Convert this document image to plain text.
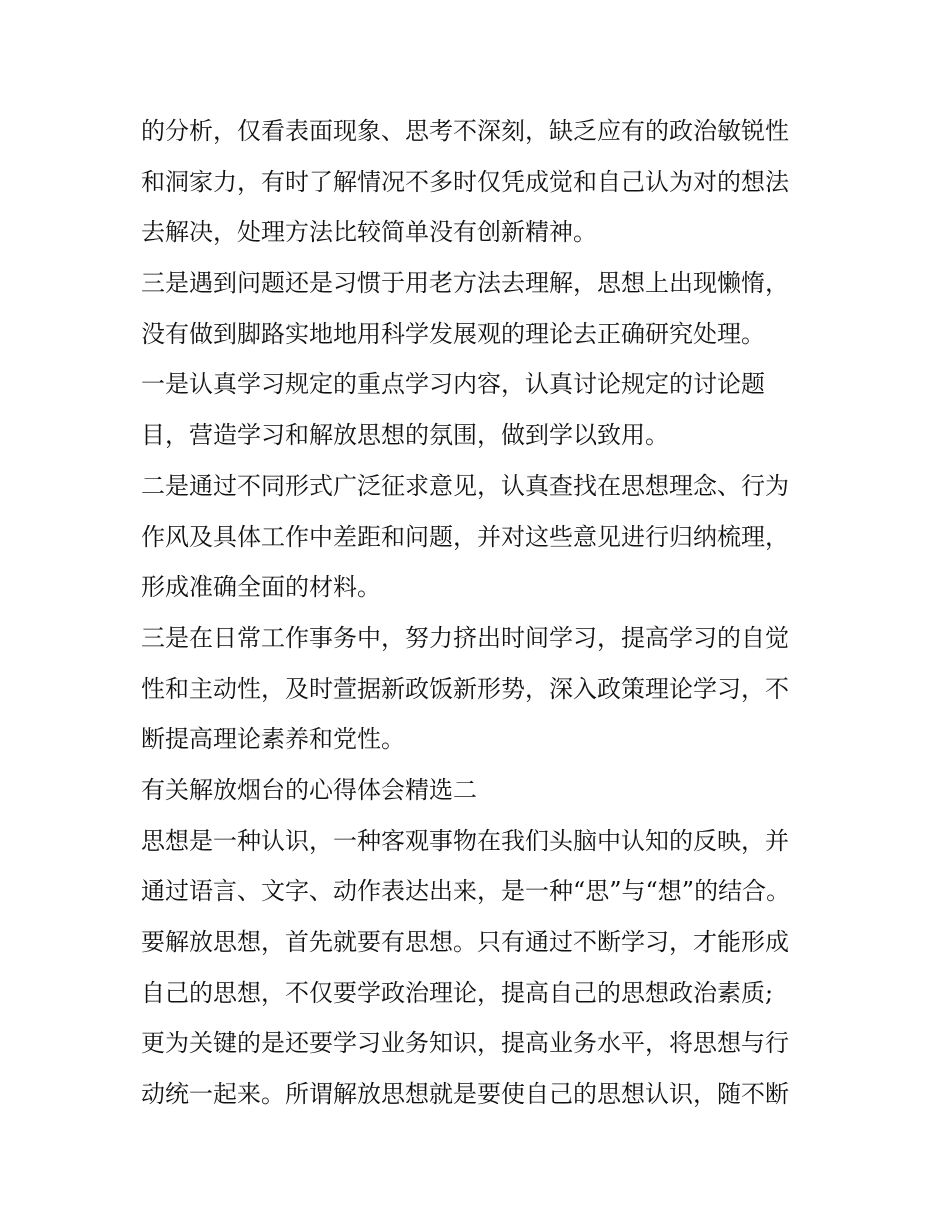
的分析，仅看表面现象、思考不深刻，缺乏应有的政治敏锐性
和洞家力，有时了解情况不多时仅凭成觉和自己认为对的想法
去解决，处理方法比较简单没有创新精神。
三是遇到问题还是习惯于用老方法去理解，思想上出现懒惰，
没有做到脚路实地地用科学发展观的理论去正确研究处理。
一是认真学习规定的重点学习内容，认真讨论规定的讨论题
目，营造学习和解放思想的氛围，做到学以致用。
二是通过不同形式广泛征求意见，认真查找在思想理念、行为
作风及具体工作中差距和问题，并对这些意见进行归纳梳理，
形成准确全面的材料。
三是在日常工作事务中，努力挤出时间学习，提高学习的自觉
性和主动性，及时萱据新政饭新形势，深入政策理论学习，不
断提高理论素养和党性。
有关解放烟台的心得体会精选二
思想是一种认识，一种客观事物在我们头脑中认知的反映，并
通过语言、文字、动作表达出来，是一种“思”与“想”的结合。
要解放思想，首先就要有思想。只有通过不断学习，才能形成
自己的思想，不仅要学政治理论，提高自己的思想政治素质;
更为关键的是还要学习业务知识，提高业务水平，将思想与行
动统一起来。所谓解放思想就是要使自己的思想认识，随不断
